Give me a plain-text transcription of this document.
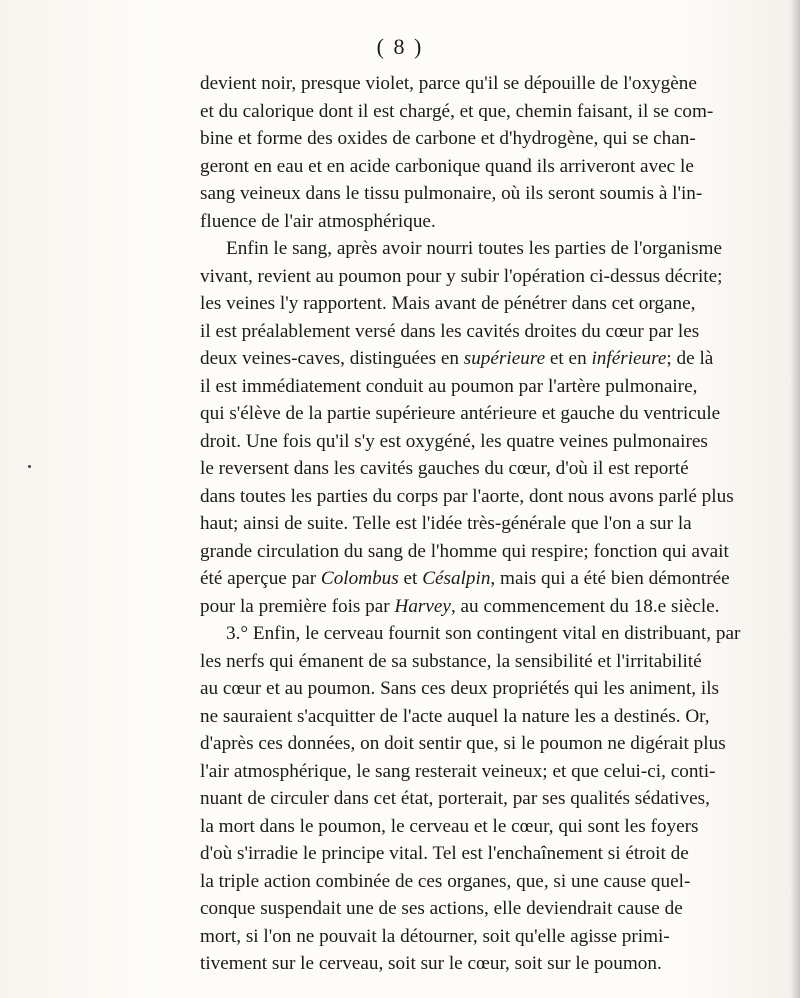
( 8 )
devient noir, presque violet, parce qu'il se dépouille de l'oxygène
et du calorique dont il est chargé, et que, chemin faisant, il se com-
bine et forme des oxides de carbone et d'hydrogène, qui se chan-
geront en eau et en acide carbonique quand ils arriveront avec le
sang veineux dans le tissu pulmonaire, où ils seront soumis à l'in-
fluence de l'air atmosphérique.
Enfin le sang, après avoir nourri toutes les parties de l'organisme
vivant, revient au poumon pour y subir l'opération ci-dessus décrite;
les veines l'y rapportent. Mais avant de pénétrer dans cet organe,
il est préalablement versé dans les cavités droites du cœur par les
deux veines-caves, distinguées en supérieure et en inférieure; de là
il est immédiatement conduit au poumon par l'artère pulmonaire,
qui s'élève de la partie supérieure antérieure et gauche du ventricule
droit. Une fois qu'il s'y est oxygéné, les quatre veines pulmonaires
le reversent dans les cavités gauches du cœur, d'où il est reporté
dans toutes les parties du corps par l'aorte, dont nous avons parlé plus
haut; ainsi de suite. Telle est l'idée très-générale que l'on a sur la
grande circulation du sang de l'homme qui respire; fonction qui avait
été aperçue par Colombus et Césalpin, mais qui a été bien démontrée
pour la première fois par Harvey, au commencement du 18.e siècle.
3.° Enfin, le cerveau fournit son contingent vital en distribuant, par
les nerfs qui émanent de sa substance, la sensibilité et l'irritabilité
au cœur et au poumon. Sans ces deux propriétés qui les animent, ils
ne sauraient s'acquitter de l'acte auquel la nature les a destinés. Or,
d'après ces données, on doit sentir que, si le poumon ne digérait plus
l'air atmosphérique, le sang resterait veineux; et que celui-ci, conti-
nuant de circuler dans cet état, porterait, par ses qualités sédatives,
la mort dans le poumon, le cerveau et le cœur, qui sont les foyers
d'où s'irradie le principe vital. Tel est l'enchaînement si étroit de
la triple action combinée de ces organes, que, si une cause quel-
conque suspendait une de ses actions, elle deviendrait cause de
mort, si l'on ne pouvait la détourner, soit qu'elle agisse primi-
tivement sur le cerveau, soit sur le cœur, soit sur le poumon.
